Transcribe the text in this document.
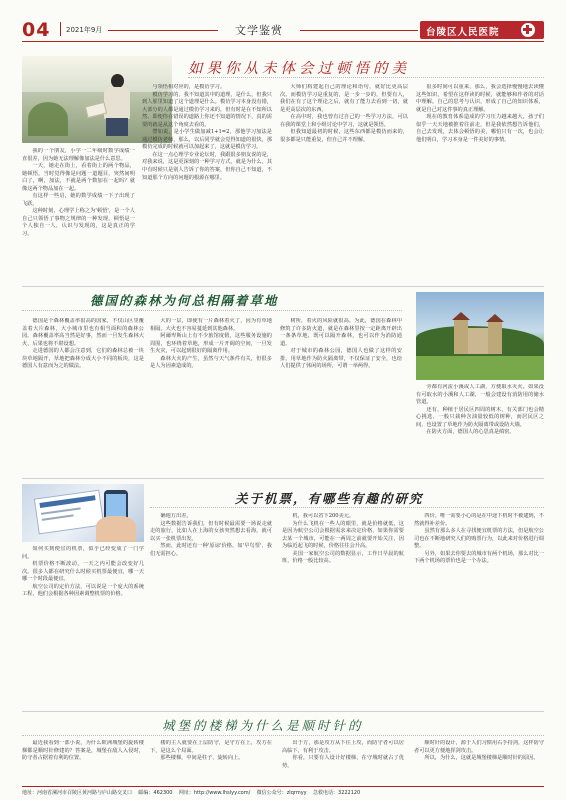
04 2021年9月	文学鉴赏	台陵区人民医院
如果你从未体会过顿悟的美

我的一个朋友，小学一二年级时数学成绩一直很差，因为她无法理解像加法是什么意思。

一天，她走在街上，看着街上的两个物品，她顿悟，当时觉得像是问题一道题目，突然间明白了，啊，加法，不就是两个数加在一起吗？就像这两个物品加在一起。

有这样一些启，她的数学成绩一下子出现了飞跃。

这种时刻，心理学上称之为'顿悟'，是一个人自己只领悟了事物之规律的一种发现，顿悟是一个人独自一人，认识与发现的，这是真正的学习。

与领悟相对应的，是模仿学习。

模仿学习的，我不知道其中的道理，是什么，但我只到人那里知道了这个道理是什么。模仿学习本身没有错，大部分的人都是通过模仿学习来的，但有时是在不知所以然、即便你在错误的道路上你还不知道的情况下，真的需要的就是从这个角度去看的。

譬如说，是小学生做加减1+1=2，那他学习加法是通过模仿老师，那么，以后同学就会觉得知道的很快，那模仿完成的时候就可以加起来了，这就是模仿学习。

在这一点心理学专业论坛时，我跟很多朋友说的是，对我来说，这是更深刻的一种学习方式，就是为什么，其中有时候只是别人告诉了你的答案，但你自己不知道，不知道那个方向的问题的根源在哪里。

大师们构建起自己的理论和语句，就好比更高层次。而模仿学习是重复的，是一步一步的，但要有人，我们在有了这个理论之后，就有了能力去看到一切，就是更高层次的东西。

在高中时，我也曾有过自己的一些学习方法，可以在我的课堂上和小组讨论中学习，这就是领悟。

但我知道最初的时候，这些东西都是模仿而来的，很多都是只能重复，但自己并不理解。

很多时间可以重来，那么，我会选择慢慢地去读懂这些知识，希望在这样读的时候，就能够和作者的对话中理解。自己的思考与认识，形成了自己的知识体系，就是自己对这件事的真正理解。

现在的教育体系造成的学习压力越来越大，孩子们似乎一天天地被推着往前走，但是我依然想告诉他们，自己去发现，去体会顿悟的美，哪怕只有一次，也会让他们明白，学习本身是一件美好的事情。

德国的森林为何总相隔着草地

德国是个森林覆盖率很高的国家，不仅山区里覆盖着大片森林，大小城市里也有相当面积的森林公园。森林覆盖率高当然是好事，然而一旦发生森林大火，后果也将不堪设想。

走进德国的人都会注意到，它们的森林总被一块块草地隔开，草地把森林分成大小不同的板块，这是德国人有意而为之的做法。

大的一层，即使有一片森林着火了，因为有草地相隔，大火也不容易蔓延到其他森林。

阿爾卑斯山上有不少旅馆度假，这些服务设施的周围，也环绕着草地，形成一片开阔的空间，一旦发生火灾，可以起到很好的隔离作用。

森林大火的产生，虽然与天气条件有关，但很多是人为因素造成的。

树所，着火的风险就很高。为此，德国在森林中修筑了许多防火道，就是在森林里按一定距离开辟出一条条草地，既可以隔开森林，也可以作为消防通道。

对于城市的森林公园，德国人也做了这样的安排，用草地作为防火隔离带，不仅保证了安全，也给人们提供了休闲的场所，可谓一举两得。

旁都有河流小溪或人工湖，方便取水灭火。如果没有可取水的小溪和人工湖，一般会建设有消防用的储水管道。

还有，种植于居民区四周的树木，有关部门也会精心挑选，一般只栽种含油量较低的树种，而居民区之间，也设置了草地作为防火隔离带或设防大墙。

在防火方面，德国人的心思真是缜密。

关于机票，有哪些有趣的研究

如何买到便宜的机票，似乎已经变成了一门学问。

机票价格不断波动，一天之内可能会改变好几次。很多人都在研究什么时候买机票最便宜，哪一天哪一个时段最便宜。

航空公司的定价方法，可以说是一个庞大的系统工程，他们会根据各种因素调整机票的价格。

确地方出差。

这些数据告诉我们，但有时候最需要一场说走就走的旅行，比如人在上海的女孩突然想去看海，就可以买一张机票出发。

然而，此时还有一种'原谅'价格，如'早鸟票'，我们无需担心。

机，我可以省下200美元。

为什么飞机在一些人的眼里，就是价格就低，这是因为航空公司会根据需求来决定价格，如果你需要去某一个城市，可能在一两周之前就要开始关注，因为临近起飞的时候，价格往往会升高。

美国一家航空公司的数据显示，工作日早晨的航班，价格一般比较高。

四价。唯一需要小心的是在中途下机时不被逮到，不然就得补差价。

虽然有那么多人在寻找便宜机票的方法，但是航空公司也在不断地研究人们的购票行为，以此来对价格进行调整。

另外，如果去你要去的城市有两个机场，那么对比一下两个机场的票价也是一个办法。

城堡的楼梯为什么是顺时针的

最近我看到一部小说，为什么欧洲城堡的旋转楼梯都是顺时针修建的？答案是，城堡在敌人入侵时，防守者占据着有利的位置。

楼的主人就要在上层防守，是守方在上，攻方在下，是这么个局面。

那些楼梯，中间是柱子，旋转向上。

出于方，那是攻方从下往上攻，而防守者可以居高临下，有利于攻击。

你看，只要有人设计好楼梯，在守城时就占了优势。

顺时针的设计，源于人们习惯用右手持剑，这样防守者可以更方便地挥剑攻击。

所以，为什么，这就是城堡楼梯是顺时针的原因。

地址：河南省漯河市召陵区黄河路与庐山路交叉口 邮编：462300 网址：http://www.lhslyy.com/ 微信公众号：zlqrmyy 急救电话：3222120
